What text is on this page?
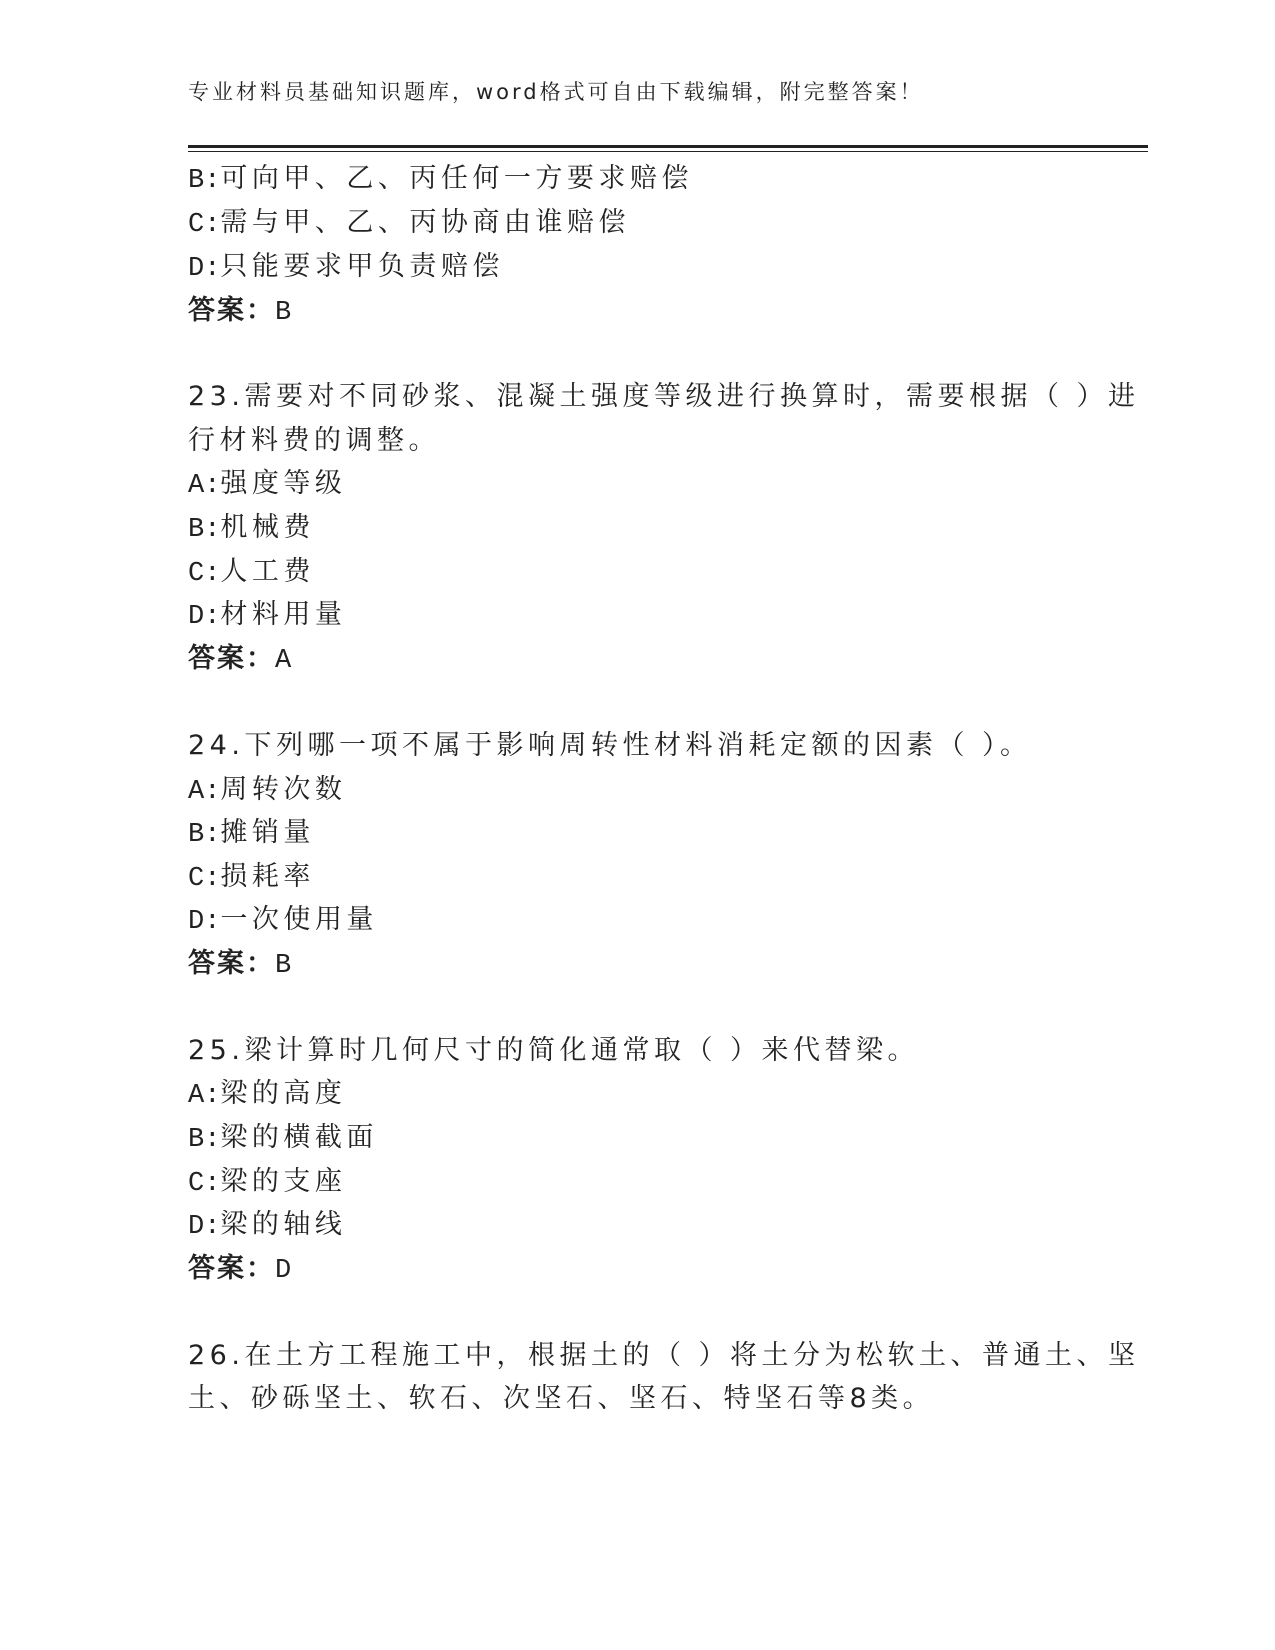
专业材料员基础知识题库，word格式可自由下载编辑，附完整答案！
B:可向甲、乙、丙任何一方要求赔偿
C:需与甲、乙、丙协商由谁赔偿
D:只能要求甲负责赔偿
答案：B
23.需要对不同砂浆、混凝土强度等级进行换算时，需要根据（ ）进
行材料费的调整。
A:强度等级
B:机械费
C:人工费
D:材料用量
答案：A
24.下列哪一项不属于影响周转性材料消耗定额的因素（ ）。
A:周转次数
B:摊销量
C:损耗率
D:一次使用量
答案：B
25.梁计算时几何尺寸的简化通常取（ ）来代替梁。
A:梁的高度
B:梁的横截面
C:梁的支座
D:梁的轴线
答案：D
26.在土方工程施工中，根据土的（ ）将土分为松软土、普通土、坚
土、砂砾坚土、软石、次坚石、坚石、特坚石等8类。
